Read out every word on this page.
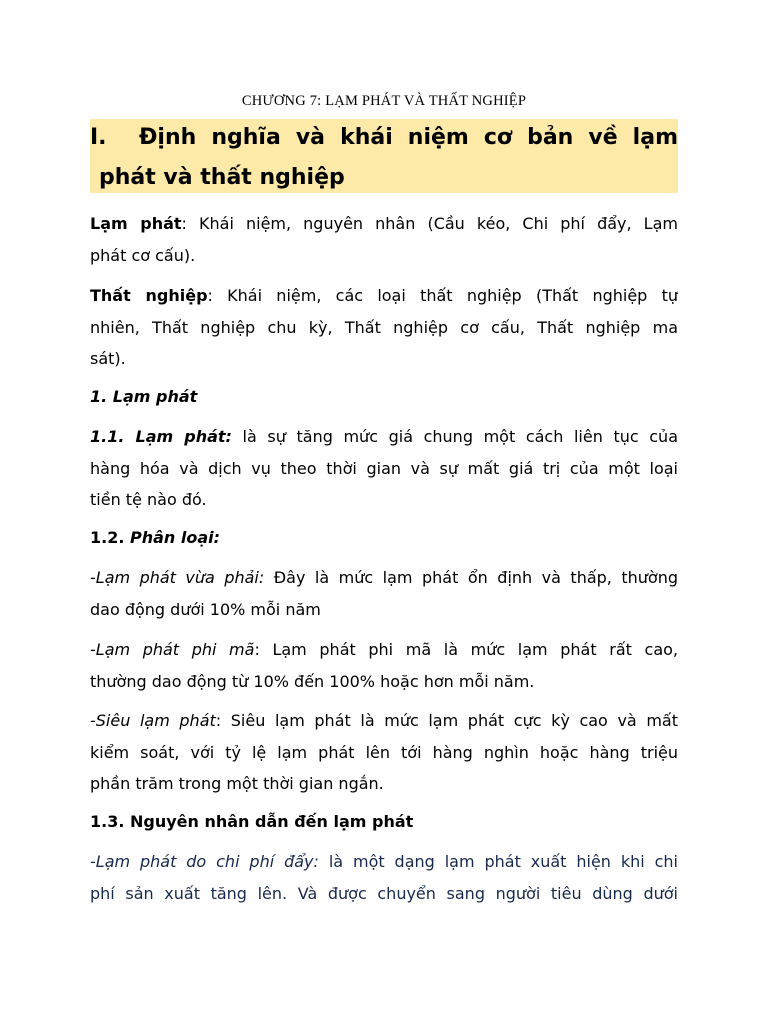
CHƯƠNG 7: LẠM PHÁT VÀ THẤT NGHIỆP
I. Định nghĩa và khái niệm cơ bản về lạm
phát và thất nghiệp
Lạm phát: Khái niệm, nguyên nhân (Cầu kéo, Chi phí đẩy, Lạm
phát cơ cấu).
Thất nghiệp: Khái niệm, các loại thất nghiệp (Thất nghiệp tự
nhiên, Thất nghiệp chu kỳ, Thất nghiệp cơ cấu, Thất nghiệp ma
sát).
1. Lạm phát
1.1. Lạm phát: là sự tăng mức giá chung một cách liên tục của
hàng hóa và dịch vụ theo thời gian và sự mất giá trị của một loại
tiền tệ nào đó.
1.2. Phân loại:
-Lạm phát vừa phải: Đây là mức lạm phát ổn định và thấp, thường
dao động dưới 10% mỗi năm
-Lạm phát phi mã: Lạm phát phi mã là mức lạm phát rất cao,
thường dao động từ 10% đến 100% hoặc hơn mỗi năm.
-Siêu lạm phát: Siêu lạm phát là mức lạm phát cực kỳ cao và mất
kiểm soát, với tỷ lệ lạm phát lên tới hàng nghìn hoặc hàng triệu
phần trăm trong một thời gian ngắn.
1.3. Nguyên nhân dẫn đến lạm phát
-Lạm phát do chi phí đẩy: là một dạng lạm phát xuất hiện khi chi
phí sản xuất tăng lên. Và được chuyển sang người tiêu dùng dưới
